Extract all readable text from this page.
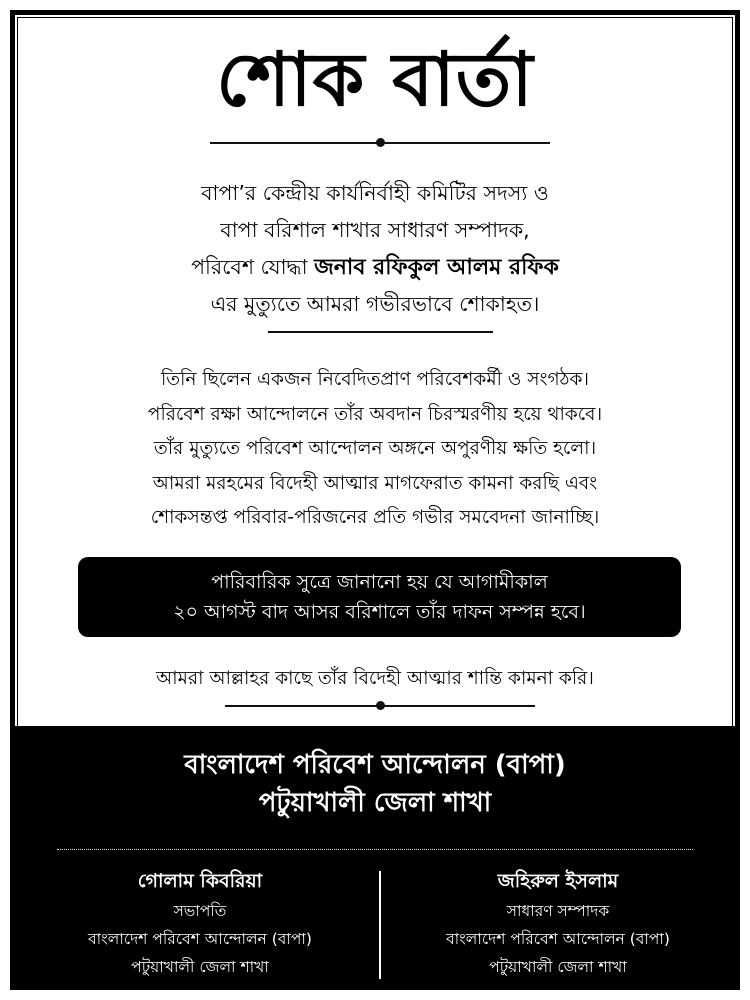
শোক বার্তা
বাপা’র কেন্দ্রীয় কার্যনির্বাহী কমিটির সদস্য ও
বাপা বরিশাল শাখার সাধারণ সম্পাদক,
পরিবেশ যোদ্ধা জনাব রফিকুল আলম রফিক
এর মুত্যুতে আমরা গভীরভাবে শোকাহত।
তিনি ছিলেন একজন নিবেদিতপ্রাণ পরিবেশকর্মী ও সংগঠক।
পরিবেশ রক্ষা আন্দোলনে তাঁর অবদান চিরস্মরণীয় হয়ে থাকবে।
তাঁর মুত্যুতে পরিবেশ আন্দোলন অঙ্গনে অপুরণীয় ক্ষতি হলো।
আমরা মরহমের বিদেহী আত্মার মাগফেরাত কামনা করছি এবং
শোকসন্তপ্ত পরিবার-পরিজনের প্রতি গভীর সমবেদনা জানাচ্ছি।
পারিবারিক সুত্রে জানানো হয় যে আগামীকাল
২০ আগস্ট বাদ আসর বরিশালে তাঁর দাফন সম্পন্ন হবে।
আমরা আল্লাহর কাছে তাঁর বিদেহী আত্মার শান্তি কামনা করি।
বাংলাদেশ পরিবেশ আন্দোলন (বাপা)
পটুয়াখালী জেলা শাখা
গোলাম কিবরিয়া
সভাপতি
বাংলাদেশ পরিবেশ আন্দোলন (বাপা)
পটুয়াখালী জেলা শাখা
জহিরুল ইসলাম
সাধারণ সম্পাদক
বাংলাদেশ পরিবেশ আন্দোলন (বাপা)
পটুয়াখালী জেলা শাখা
